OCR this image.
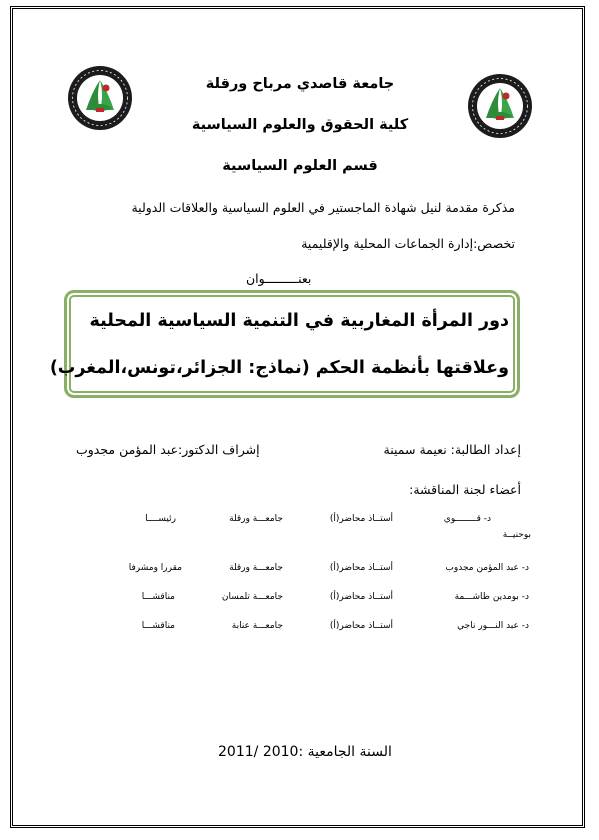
جامعة قاصدي مرباح ورقلة
كلية الحقوق والعلوم السياسية
قسم العلوم السياسية
مذكرة مقدمة لنيل شهادة الماجستير في العلوم السياسية والعلاقات الدولية
تخصص:إدارة الجماعات المحلية والإقليمية
بعنـــــــــوان
دور المرأة المغاربية في التنمية السياسية المحلية
وعلاقتها بأنظمة الحكم (نماذج: الجزائر،تونس،المغرب)
إعداد الطالبة: نعيمة سمينة
إشراف الدكتور:عبد المؤمن مجدوب
أعضاء لجنة المناقشة:
د- قــــــــوي
بوحنيــة
أستــاذ محاضر(أ)
جامعـــة ورقلة
رئيســــا
د- عبد المؤمن مجدوب
أستــاذ محاضر(أ)
جامعـــة ورقلة
مقررا ومشرفا
د- بومدين طاشـــمة
أستــاذ محاضر(أ)
جامعـــة تلمسان
مناقشـــا
د- عبد النـــور ناجي
أستــاذ محاضر(أ)
جامعـــة عنابة
مناقشـــا
السنة الجامعية :2010 /2011
